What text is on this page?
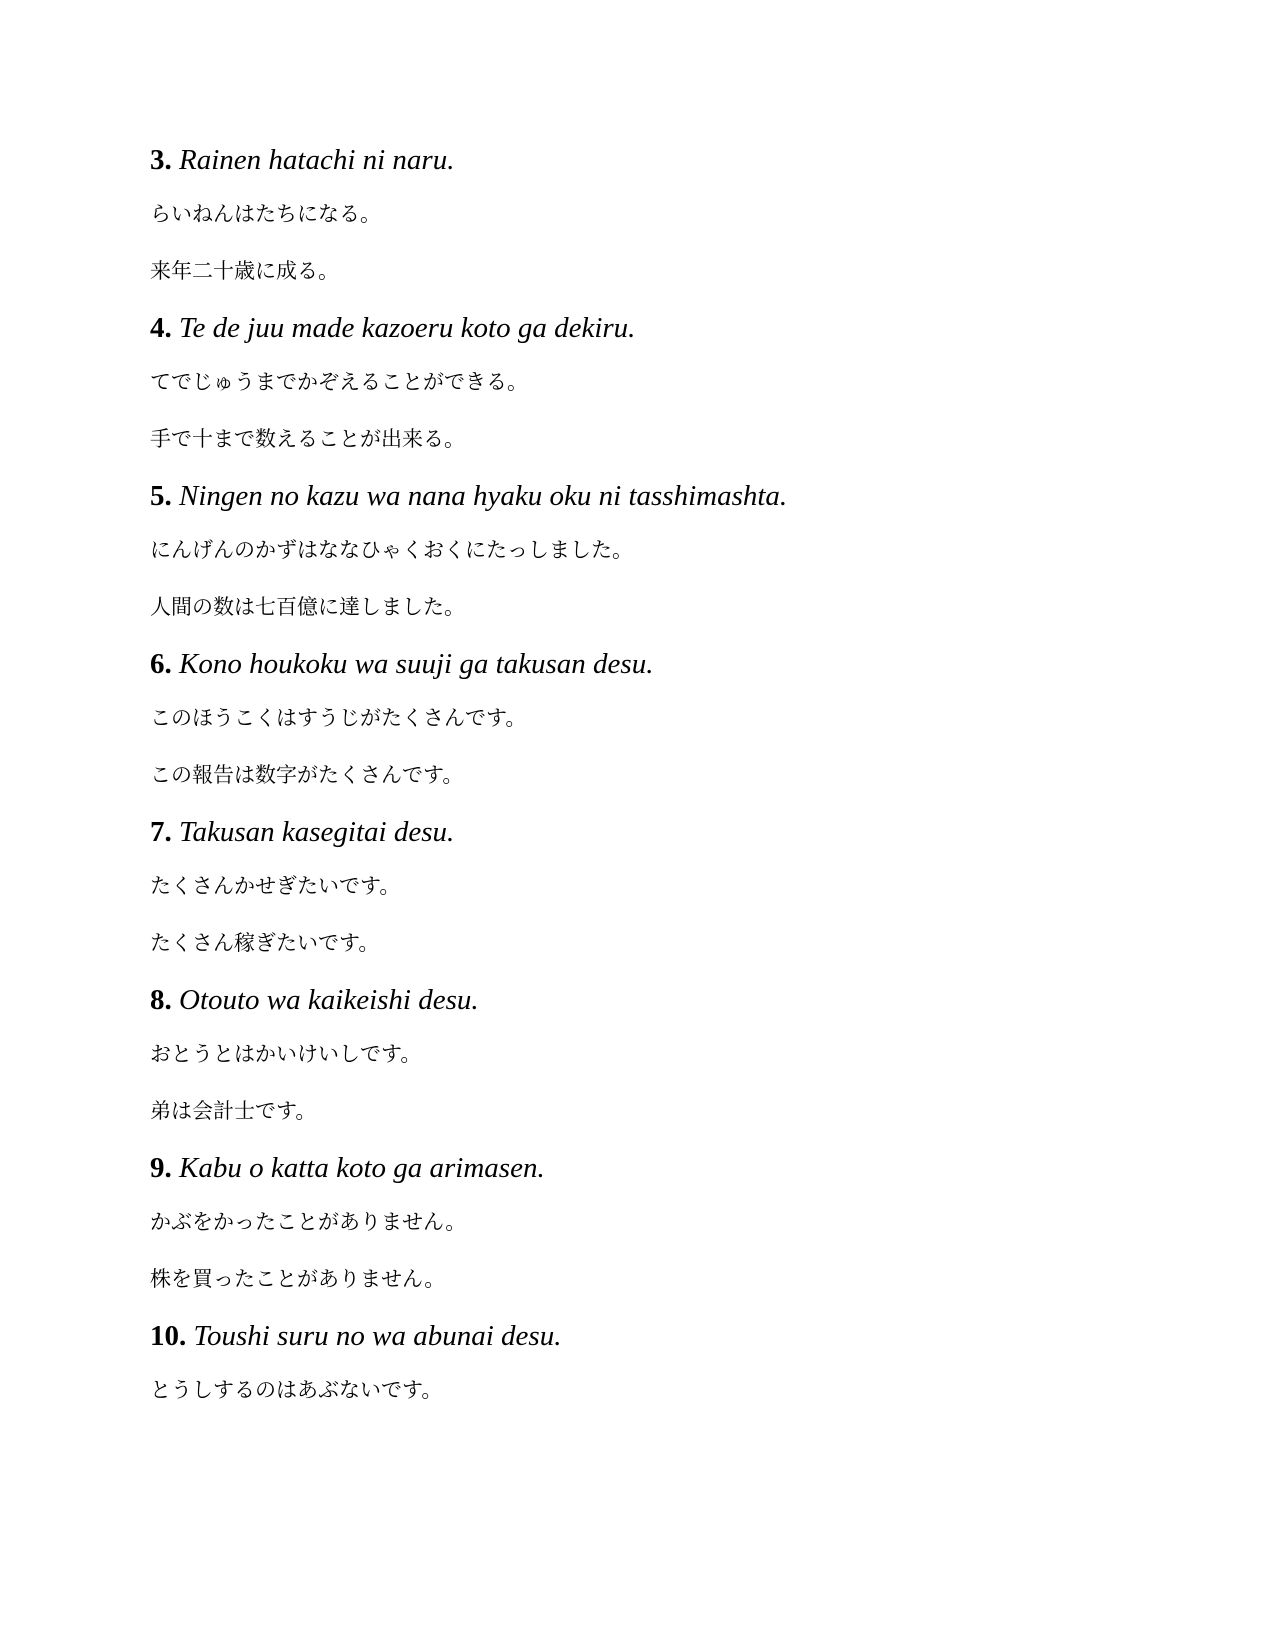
3. Rainen hatachi ni naru.

らいねんはたちになる。

来年二十歳に成る。

4. Te de juu made kazoeru koto ga dekiru.

てでじゅうまでかぞえることができる。

手で十まで数えることが出来る。

5. Ningen no kazu wa nana hyaku oku ni tasshimashta.

にんげんのかずはななひゃくおくにたっしました。

人間の数は七百億に達しました。

6. Kono houkoku wa suuji ga takusan desu.

このほうこくはすうじがたくさんです。

この報告は数字がたくさんです。

7. Takusan kasegitai desu.

たくさんかせぎたいです。

たくさん稼ぎたいです。

8. Otouto wa kaikeishi desu.

おとうとはかいけいしです。

弟は会計士です。

9. Kabu o katta koto ga arimasen.

かぶをかったことがありません。

株を買ったことがありません。

10. Toushi suru no wa abunai desu.

とうしするのはあぶないです。
